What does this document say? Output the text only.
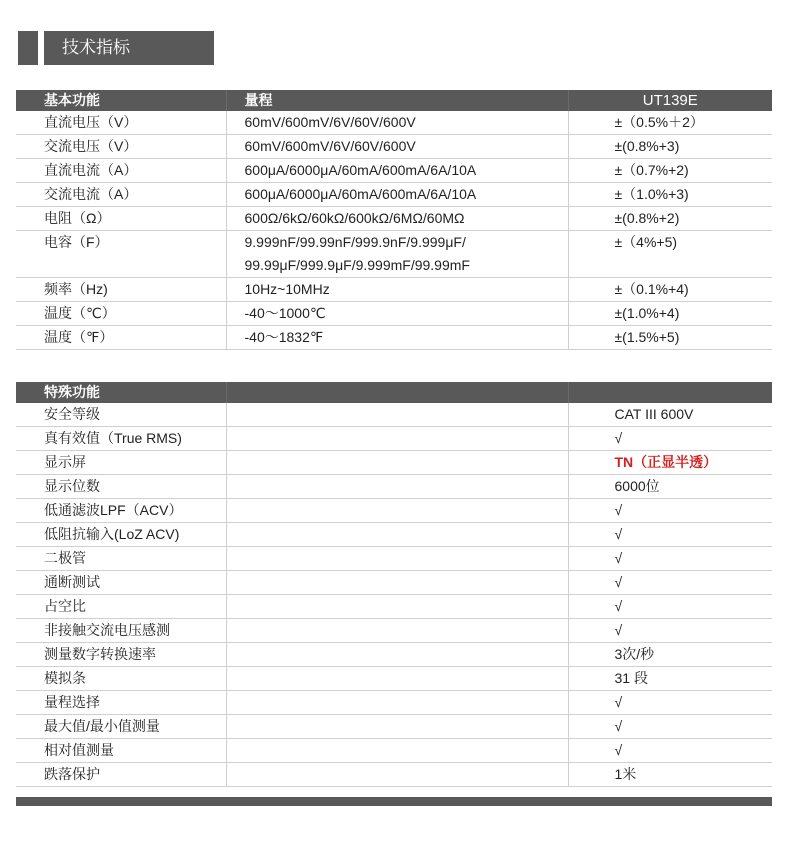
技术指标
基本功能	量程	UT139E
直流电压（V）	60mV/600mV/6V/60V/600V	±（0.5%＋2）
交流电压（V）	60mV/600mV/6V/60V/600V	±(0.8%+3)
直流电流（A）	600μA/6000μA/60mA/600mA/6A/10A	±（0.7%+2)
交流电流（A）	600μA/6000μA/60mA/600mA/6A/10A	±（1.0%+3)
电阻（Ω）	600Ω/6kΩ/60kΩ/600kΩ/6MΩ/60MΩ	±(0.8%+2)
电容（F）	9.999nF/99.99nF/999.9nF/9.999μF/
99.99μF/999.9μF/9.999mF/99.99mF	±（4%+5)
频率（Hz)	10Hz~10MHz	±（0.1%+4)
温度（℃）	-40～1000℃	±(1.0%+4)
温度（℉）	-40～1832℉	±(1.5%+5)
特殊功能		
安全等级		CAT III 600V
真有效值（True RMS)		√
显示屏		TN（正显半透）
显示位数		6000位
低通滤波LPF（ACV）		√
低阻抗输入(LoZ ACV)		√
二极管		√
通断测试		√
占空比		√
非接触交流电压感测		√
测量数字转换速率		3次/秒
模拟条		31 段
量程选择		√
最大值/最小值测量		√
相对值测量		√
跌落保护		1米
